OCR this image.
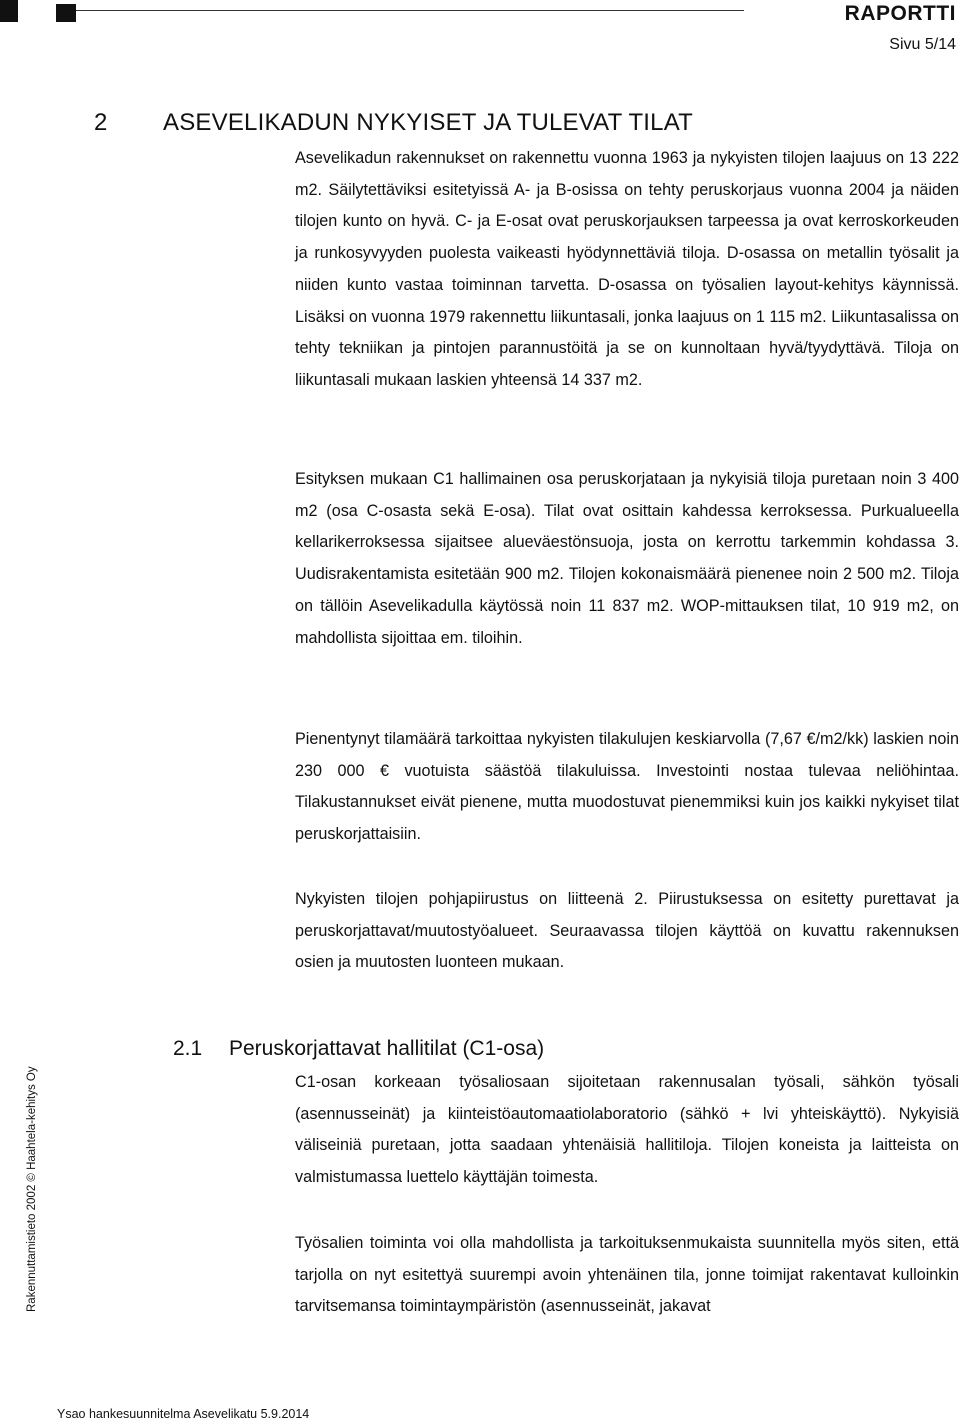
RAPORTTI
Sivu 5/14
2 ASEVELIKADUN NYKYISET JA TULEVAT TILAT

Asevelikadun rakennukset on rakennettu vuonna 1963 ja nykyisten tilojen laajuus on 13 222 m2. Säilytettäviksi esitetyissä A- ja B-osissa on tehty peruskorjaus vuonna 2004 ja näiden tilojen kunto on hyvä. C- ja E-osat ovat peruskorjauksen tarpeessa ja ovat kerroskorkeuden ja runkosyvyyden puolesta vaikeasti hyödynnettäviä tiloja. D-osassa on metallin työsalit ja niiden kunto vastaa toiminnan tarvetta. D-osassa on työsalien layout-kehitys käynnissä. Lisäksi on vuonna 1979 rakennettu liikuntasali, jonka laajuus on 1 115 m2. Liikuntasalissa on tehty tekniikan ja pintojen parannustöitä ja se on kunnoltaan hyvä/tyydyttävä. Tiloja on liikuntasali mukaan laskien yhteensä 14 337 m2.

Esityksen mukaan C1 hallimainen osa peruskorjataan ja nykyisiä tiloja puretaan noin 3 400 m2 (osa C-osasta sekä E-osa). Tilat ovat osittain kahdessa kerroksessa. Purkualueella kellarikerroksessa sijaitsee alueväestönsuoja, josta on kerrottu tarkemmin kohdassa 3. Uudisrakentamista esitetään 900 m2. Tilojen kokonaismäärä pienenee noin 2 500 m2. Tiloja on tällöin Asevelikadulla käytössä noin 11 837 m2. WOP-mittauksen tilat, 10 919 m2, on mahdollista sijoittaa em. tiloihin.

Pienentynyt tilamäärä tarkoittaa nykyisten tilakulujen keskiarvolla (7,67 €/m2/kk) laskien noin 230 000 € vuotuista säästöä tilakuluissa. Investointi nostaa tulevaa neliöhintaa. Tilakustannukset eivät pienene, mutta muodostuvat pienemmiksi kuin jos kaikki nykyiset tilat peruskorjattaisiin.

Nykyisten tilojen pohjapiirustus on liitteenä 2. Piirustuksessa on esitetty purettavat ja peruskorjattavat/muutostyöalueet. Seuraavassa tilojen käyttöä on kuvattu rakennuksen osien ja muutosten luonteen mukaan.

2.1 Peruskorjattavat hallitilat (C1-osa)

C1-osan korkeaan työsaliosaan sijoitetaan rakennusalan työsali, sähkön työsali (asennusseinät) ja kiinteistöautomaatiolaboratorio (sähkö + lvi yhteiskäyttö). Nykyisiä väliseiniä puretaan, jotta saadaan yhtenäisiä hallitiloja. Tilojen koneista ja laitteista on valmistumassa luettelo käyttäjän toimesta.

Työsalien toiminta voi olla mahdollista ja tarkoituksenmukaista suunnitella myös siten, että tarjolla on nyt esitettyä suurempi avoin yhtenäinen tila, jonne toimijat rakentavat kulloinkin tarvitsemansa toimintaympäristön (asennusseinät, jakavat

Rakennuttamistieto 2002 © Haahtela-kehitys Oy
Ysao hankesuunnitelma Asevelikatu 5.9.2014
